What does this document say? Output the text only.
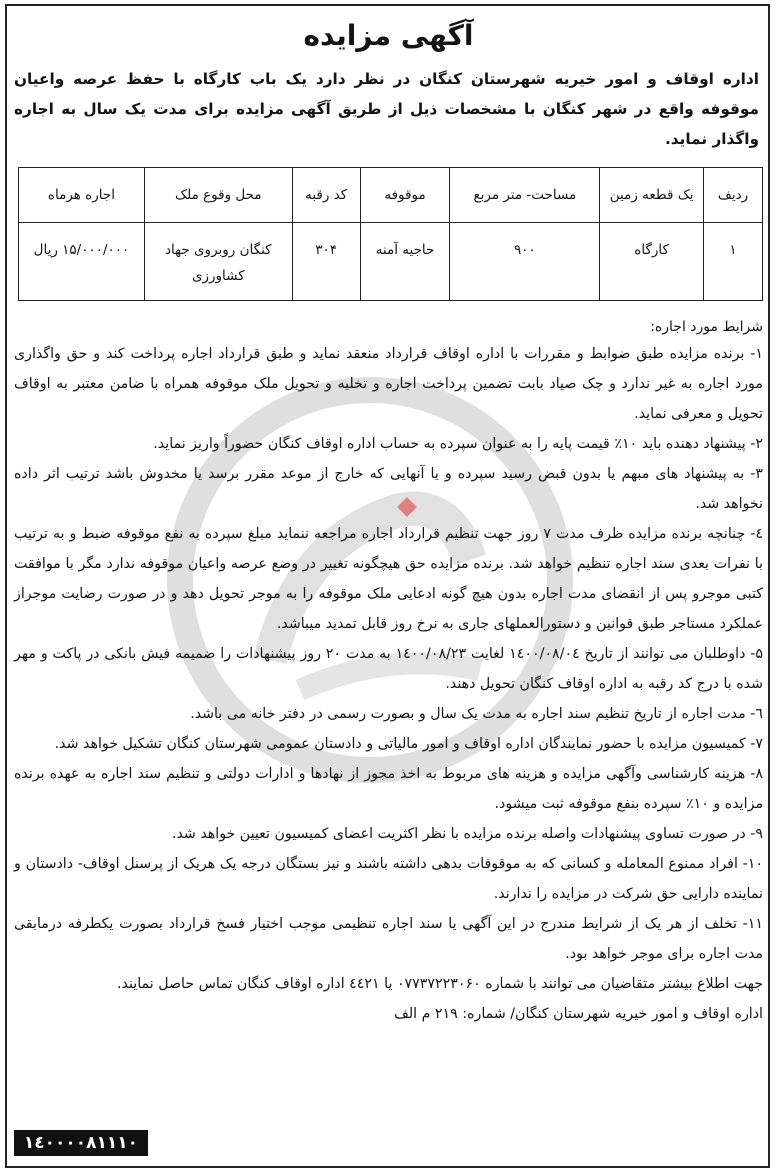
آگهی مزایده

اداره اوقاف و امور خیریه شهرستان کنگان در نظر دارد یک باب کارگاه با حفظ عرصه واعیان موقوفه واقع در شهر کنگان با مشخصات ذیل از طریق آگهی مزایده برای مدت یک سال به اجاره واگذار نماید.

ردیف	یک قطعه زمین	مساحت- متر مربع	موقوفه	کد رقبه	محل وقوع ملک	اجاره هرماه
۱	کارگاه	۹۰۰	حاجیه آمنه	۳۰۴	کنگان روبروی جهاد کشاورزی	۱۵/۰۰۰/۰۰۰ ریال
شرایط مورد اجاره:

۱- برنده مزایده طبق ضوابط و مقررات با اداره اوقاف قرارداد منعقد نماید و طبق قرارداد اجاره پرداخت کند و حق واگذاری مورد اجاره به غیر ندارد و چک صیاد بابت تضمین پرداخت اجاره و تخلیه و تحویل ملک موقوفه همراه با ضامن معتبر به اوقاف تحویل و معرفی نماید.

۲- پیشنهاد دهنده باید ۱۰٪ قیمت پایه را به عنوان سپرده به حساب اداره اوقاف کنگان حضوراً واریز نماید.

۳- به پیشنهاد های مبهم یا بدون قبض رسید سپرده و یا آنهایی که خارج از موعد مقرر برسد یا مخدوش باشد ترتیب اثر داده نخواهد شد.

٤- چنانچه برنده مزایده ظرف مدت ۷ روز جهت تنظیم قرارداد اجاره مراجعه ننماید مبلغ سپرده به نفع موقوفه ضبط و به ترتیب با نفرات بعدی سند اجاره تنظیم خواهد شد. برنده مزایده حق هیچگونه تغییر در وضع عرصه واعیان موقوفه ندارد مگر با موافقت کتبی موجرو پس از انقضای مدت اجاره بدون هیچ گونه ادعایی ملک موقوفه را به موجر تحویل دهد و در صورت رضایت موجراز عملکرد مستاجر طبق قوانین و دستورالعملهای جاری به نرخ روز قابل تمدید میباشد.

۵- داوطلبان می توانند از تاریخ ۱٤۰۰/۰۸/۰٤ لغایت ۱٤۰۰/۰۸/۲۳ به مدت ۲۰ روز پیشنهادات را ضمیمه فیش بانکی در پاکت و مهر شده با درج کد رقبه به اداره اوقاف کنگان تحویل دهند.

٦- مدت اجاره از تاریخ تنظیم سند اجاره به مدت یک سال و بصورت رسمی در دفتر خانه می باشد.

۷- کمیسیون مزایده با حضور نمایندگان اداره اوقاف و امور مالیاتی و دادستان عمومی شهرستان کنگان تشکیل خواهد شد.

۸- هزینه کارشناسی وآگهی مزایده و هزینه های مربوط به اخذ مجوز از نهادها و ادارات دولتی و تنظیم سند اجاره به عهده برنده مزایده و ۱۰٪ سپرده بنفع موقوفه ثبت میشود.

۹- در صورت تساوی پیشنهادات واصله برنده مزایده با نظر اکثریت اعضای کمیسیون تعیین خواهد شد.

۱۰- افراد ممنوع المعامله و کسانی که به موقوفات بدهی داشته باشند و نیز بستگان درجه یک هریک از پرسنل اوقاف- دادستان و نماینده دارایی حق شرکت در مزایده را ندارند.

۱۱- تخلف از هر یک از شرایط مندرج در این آگهی یا سند اجاره تنظیمی موجب اختیار فسخ قرارداد بصورت یکطرفه درمابقی مدت اجاره برای موجر خواهد بود.

جهت اطلاع بیشتر متقاضیان می توانند با شماره ۰۷۷۳۷۲۲۳۰۶۰ یا ٤٤۲۱ اداره اوقاف کنگان تماس حاصل نمایند.
اداره اوقاف و امور خیریه شهرستان کنگان/ شماره: ۲۱۹ م الف
۱٤۰۰۰۰۸۱۱۱۰
